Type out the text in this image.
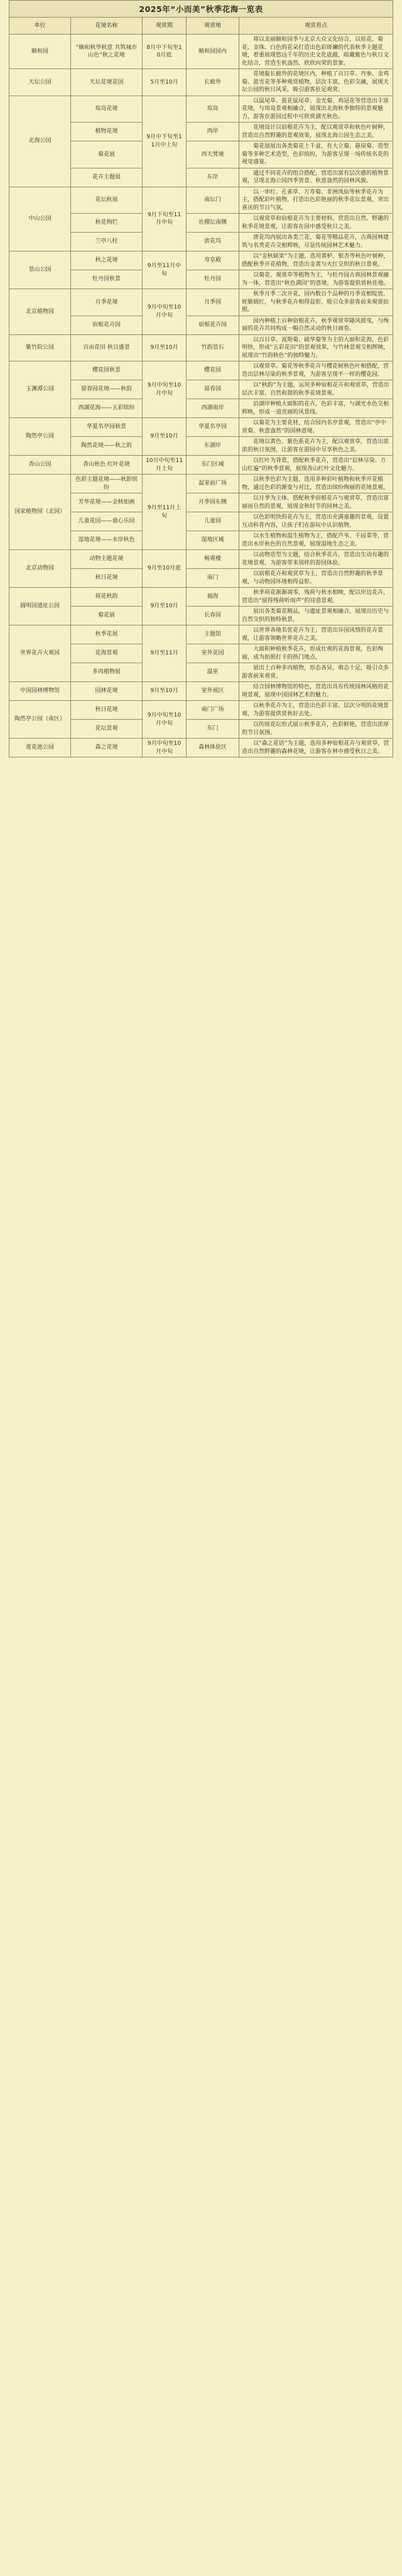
2025年“小而美”秋季花海一览表
单位	花境名称	观赏期	观赏地	观赏看点
颐和园	“颐和秋华秋意 共筑城市山色”秋之花境	8月中下旬至10月底	颐和园园内	将以美丽颐和园季与北京大众文化结合，以桂花、菊花、金珠、白色的花朵打造出色彩斑斓的代表秋季主题花境，着重展现悠远千年的历史文化底蕴，暗藏紫色与秋日文化结合，营造生机盎然、欣欣向荣的景象。
天坛公园	天坛花境花园	5月至10月	长廊外	花境靛长廊外的花境区内，种植了百日草、丹参、金鸡菊、蓝雪花等多种观赏植物，层次丰富，色彩交融，展现天坛公园的秋日风采，吸引游客驻足观赏。
北海公园	琼岛花境	9月中下旬至11月中上旬	琼岛	以鼠尾草、蓝花鼠尾草、金光菊、鸡冠花等营造出丰富花境，与琼岛景观相融合，展现出北海秋季独特的景观魅力，游客在游园过程中可欣赏湖光秋色。
	植物花境		西岸	花境设计以宿根花卉为主，配以观赏草和秋色叶树种，营造出自然野趣的景观效果，展现北海公园生态之美。
	菊花展		西天梵境	菊花展展出各类菊花上千盆，有大立菊、悬崖菊、造型菊等多种艺术造型，色彩缤纷，为游客呈现一场传统名花的视觉盛宴。
	花卉主题展		东岸	通过不同花卉的组合搭配，营造出富有层次感的植物景观，呈现北海公园四季皆景、秋意盎然的园林风貌。
中山公园	花坛秋展	9月下旬至11月中旬	南坛门	以一串红、孔雀草、万寿菊、非洲凤仙等秋季花卉为主，搭配彩叶植物，打造出色彩艳丽的秋季花坛景观，突出喜庆的节日气氛。
	秋花绚烂		社稷坛南侧	以观赏草和宿根花卉为主要材料，营造出自然、野趣的秋季花境景观，让游客在园中感受秋日之美。
	兰亭八柱		唐花坞	唐花坞内展出各类兰花、菊花等精品花卉，古典园林建筑与名贵花卉交相辉映，尽显传统园林艺术魅力。
景山公园	秋之花境	9月至11月中旬	寿皇殿	以“金秋硕果”为主题，选用黄栌、银杏等秋色叶树种，搭配秋季开花植物，营造出金黄与火红交织的秋日景观。
	牡丹园秋景		牡丹园	以菊花、观赏草等植物为主，与牡丹园古典园林景观融为一体，营造出“秋色满园”的意境，为游客提供赏秋佳地。
北京植物园	月季花境	9月中旬至10月中旬	月季园	秋季月季二次开花，园内数百个品种的月季竞相绽放，姹紫嫣红，与秋季花卉相得益彰，吸引众多游客前来观赏拍照。
	宿根花卉园		宿根花卉园	园内种植上百种宿根花卉，秋季观赏草随风摇曳，与绚丽的花卉共同构成一幅自然灵动的秋日画卷。
紫竹院公园	百亩花田 秋日盛景	9月至10月	竹韵景石	以百日草、波斯菊、硫华菊等为主的大面积花海，色彩明快，形成“五彩花田”的景观效果，与竹林景观交相辉映，展现出“竹韵秋色”的独特魅力。
玉渊潭公园	樱花园秋景	9月中旬至10月中旬	樱花园	以观赏草、菊花等秋季花卉与樱花树秋色叶相搭配，营造出层林尽染的秋季景观，为游客呈现不一样的樱花园。
	留春园花境——秋韵		留春园	以“秋韵”为主题，运用多种宿根花卉和观赏草，营造出层次丰富、自然和谐的秋季花境景观。
	西湖花海——五彩缤纷		西湖南岸	沿湖岸种植大面积的花卉，色彩丰富，与湖光水色交相辉映，形成一道亮丽的风景线。
陶然亭公园	华夏名亭园秋景	9月至10月	华夏名亭园	以菊花为主要花材，结合园内名亭景观，营造出“亭中赏菊、秋意盎然”的园林意境。
	陶然花境——秋之韵		东湖岸	花境以黄色、紫色系花卉为主，配以观赏草，营造出浓浓的秋日氛围，让游客在游园中尽享秋色之美。
香山公园	香山秋色 红叶花境	10月中旬至11月上旬	东门区域	以红叶为背景，搭配秋季花卉，营造出“层林尽染、万山红遍”的秋季景观，展现香山红叶文化魅力。
国家植物园（北园）	色彩主题花境——秋影缤纷	9月至11月上旬	温室前广场	以秋季色彩为主题，选用多种彩叶植物和秋季开花植物，通过色彩的渐变与对比，营造出缤纷绚丽的花境景观。
	芳华花境——金秋如画		月季园东侧	以月季为主体，搭配秋季宿根花卉与观赏草，营造出富丽而自然的景观，展现金秋时节的园林之美。
	儿童花园——童心乐园		儿童园	以色彩明快的花卉为主，营造出充满童趣的景观，设置互动科普内容，让孩子们在游玩中认识植物。
	湿地花境——水岸秋色		湿地区域	以水生植物和湿生植物为主，搭配芦苇、千屈菜等，营造出水岸秋色的自然景观，展现湿地生态之美。
北京动物园	动物主题花境	9月至10月底	畅观楼	以动物造型为主题，结合秋季花卉，营造出生动有趣的花境景观，为游客带来别样的游园体验。
	秋日花境		南门	以宿根花卉和观赏草为主，营造出自然野趣的秋季景观，与动物园环境相得益彰。
圆明园遗址公园	荷花秋韵	9月至10月	福海	秋季荷花渐渐凋零，残荷与秋水相映，配以岸边花卉，营造出“留得残荷听雨声”的诗意景观。
	菊花展		长春园	展出各类菊花精品，与遗址景观相融合，展现出历史与自然交织的独特秋景。
世界花卉大观园	秋季花展	9月至11月	主题馆	以世界各地名优花卉为主，营造出异国风情的花卉景观，让游客领略世界花卉之美。
	花海景观		室外花园	大面积种植秋季花卉，形成壮观的花海景观，色彩绚丽，成为拍照打卡的热门地点。
	多肉植物展		温室	展出上百种多肉植物，形态各异，萌态十足，吸引众多游客前来观赏。
中国园林博物馆	园林花境	9月至10月	室外展区	结合园林博物馆的特色，营造出具有传统园林风格的花境景观，展现中国园林艺术的魅力。
陶然亭公园（南区）	秋日花境	9月中旬至10月中旬	南门广场	以秋季花卉为主，营造出色彩丰富、层次分明的花境景观，为游客提供赏秋好去处。
	花坛景观		东门	以传统花坛形式展示秋季花卉，色彩鲜艳，营造出浓厚的节日氛围。
莲花池公园	森之花境	9月中旬至10月中旬	森林体验区	以“森之花语”为主题，选用多种宿根花卉与观赏草，营造出自然野趣的森林花境，让游客在林中感受秋日之美。
